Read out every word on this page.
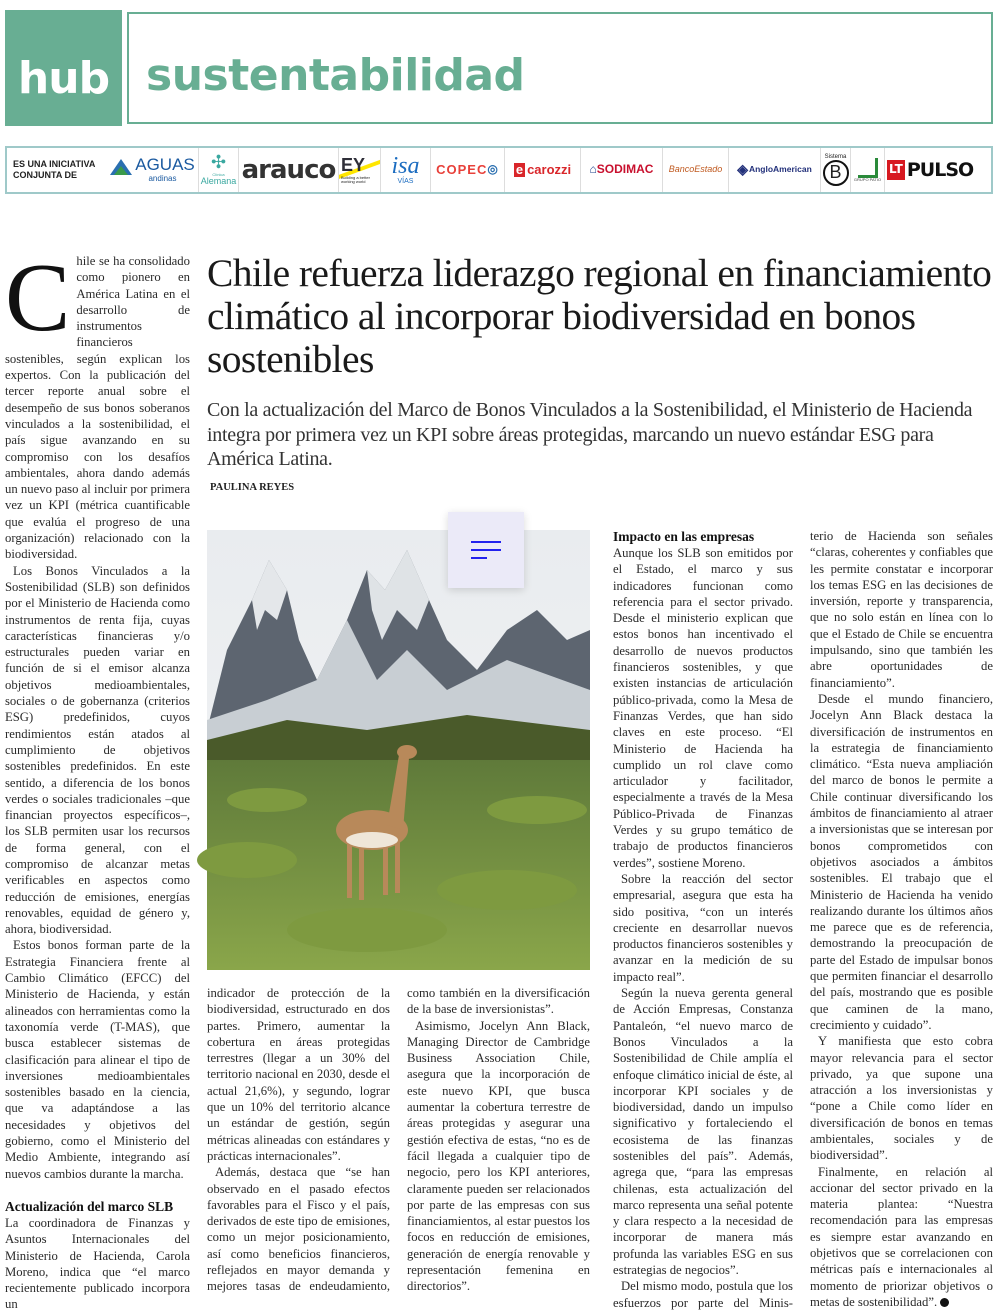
hub sustentabilidad
ES UNA INICIATIVA CONJUNTA DE
AGUAS
andinas
✣
Clínica
Alemana arauco EY
Building a better working world
isa
VÍAS
COPEC ◎ e carozzi ⌂ SODIMAC BancoEstado ◈ AngloAmerican
Sistema
B	GRUPO PATIO
LT PULSO
Chile refuerza liderazgo regional en financiamiento climático al incorporar biodiversidad en bonos sostenibles
Con la actualización del Marco de Bonos Vinculados a la Sostenibilidad, el Ministerio de Hacienda integra por primera vez un KPI sobre áreas protegidas, marcando un nuevo estándar ESG para América Latina.
PAULINA REYES

Chile se ha consolidado como pionero en América Latina en el desarrollo de instrumentos financieros sostenibles, según explican los expertos. Con la publicación del tercer reporte anual sobre el desempeño de sus bonos soberanos vinculados a la sostenibilidad, el país sigue avanzando en su compromiso con los desafíos ambientales, ahora dando además un nuevo paso al incluir por primera vez un KPI (métrica cuantificable que evalúa el progreso de una organización) relacionado con la biodiversidad.

Los Bonos Vinculados a la Sostenibilidad (SLB) son definidos por el Ministerio de Hacienda como instrumentos de renta fija, cuyas características financieras y/o estructurales pueden variar en función de si el emisor alcanza objetivos medioambientales, sociales o de gobernanza (criterios ESG) predefinidos, cuyos rendimientos están atados al cumplimiento de objetivos sostenibles predefinidos. En este sentido, a diferencia de los bonos verdes o sociales tradicionales –que financian proyectos específicos–, los SLB permiten usar los recursos de forma general, con el compromiso de alcanzar metas verificables en aspectos como reducción de emisiones, energías renovables, equidad de género y, ahora, biodiversidad.

Estos bonos forman parte de la Estrategia Financiera frente al Cambio Climático (EFCC) del Ministerio de Hacienda, y están alineados con herramientas como la taxonomía verde (T-MAS), que busca establecer sistemas de clasificación para alinear el tipo de inversiones medioambientales sostenibles basado en la ciencia, que va adaptándose a las necesidades y objetivos del gobierno, como el Ministerio del Medio Ambiente, integrando así nuevos cambios durante la marcha.

Actualización del marco SLB

La coordinadora de Finanzas y Asuntos Internacionales del Ministerio de Hacienda, Carola Moreno, indica que “el marco recientemente publicado incorpora un

indicador de protección de la biodiversidad, estructurado en dos partes. Primero, aumentar la cobertura en áreas protegidas terrestres (llegar a un 30% del territorio nacional en 2030, desde el actual 21,6%), y segundo, lograr que un 10% del territorio alcance un estándar de gestión, según métricas alineadas con estándares y prácticas internacionales”.

Además, destaca que “se han observado en el pasado efectos favorables para el Fisco y el país, derivados de este tipo de emisiones, como un mejor posicionamiento, así como beneficios financieros, reflejados en mayor demanda y mejores tasas de endeudamiento,

como también en la diversificación de la base de inversionistas”.

Asimismo, Jocelyn Ann Black, Managing Director de Cambridge Business Association Chile, asegura que la incorporación de este nuevo KPI, que busca aumentar la cobertura terrestre de áreas protegidas y asegurar una gestión efectiva de estas, “no es de fácil llegada a cualquier tipo de negocio, pero los KPI anteriores, claramente pueden ser relacionados por parte de las empresas con sus financiamientos, al estar puestos los focos en reducción de emisiones, generación de energía renovable y representación femenina en directorios”.

Impacto en las empresas

Aunque los SLB son emitidos por el Estado, el marco y sus indicadores funcionan como referencia para el sector privado. Desde el ministerio explican que estos bonos han incentivado el desarrollo de nuevos productos financieros sostenibles, y que existen instancias de articulación público-privada, como la Mesa de Finanzas Verdes, que han sido claves en este proceso. “El Ministerio de Hacienda ha cumplido un rol clave como articulador y facilitador, especialmente a través de la Mesa Público-Privada de Finanzas Verdes y su grupo temático de trabajo de productos financieros verdes”, sostiene Moreno.

Sobre la reacción del sector empresarial, asegura que esta ha sido positiva, “con un interés creciente en desarrollar nuevos productos financieros sostenibles y avanzar en la medición de su impacto real”.

Según la nueva gerenta general de Acción Empresas, Constanza Pantaleón, “el nuevo marco de Bonos Vinculados a la Sostenibilidad de Chile amplía el enfoque climático inicial de éste, al incorporar KPI sociales y de biodiversidad, dando un impulso significativo y fortaleciendo el ecosistema de las finanzas sostenibles del país”. Además, agrega que, “para las empresas chilenas, esta actualización del marco representa una señal potente y clara respecto a la necesidad de incorporar de manera más profunda las variables ESG en sus estrategias de negocios”.

Del mismo modo, postula que los esfuerzos por parte del Minis-

terio de Hacienda son señales “claras, coherentes y confiables que les permite constatar e incorporar los temas ESG en las decisiones de inversión, reporte y transparencia, que no solo están en línea con lo que el Estado de Chile se encuentra impulsando, sino que también les abre oportunidades de financiamiento”.

Desde el mundo financiero, Jocelyn Ann Black destaca la diversificación de instrumentos en la estrategia de financiamiento climático. “Esta nueva ampliación del marco de bonos le permite a Chile continuar diversificando los ámbitos de financiamiento al atraer a inversionistas que se interesan por bonos comprometidos con objetivos asociados a ámbitos sostenibles. El trabajo que el Ministerio de Hacienda ha venido realizando durante los últimos años me parece que es de referencia, demostrando la preocupación de parte del Estado de impulsar bonos que permiten financiar el desarrollo del país, mostrando que es posible que caminen de la mano, crecimiento y cuidado”.

Y manifiesta que esto cobra mayor relevancia para el sector privado, ya que supone una atracción a los inversionistas y “pone a Chile como líder en diversificación de bonos en temas ambientales, sociales y de biodiversidad”.

Finalmente, en relación al accionar del sector privado en la materia plantea: “Nuestra recomendación para las empresas es siempre estar avanzando en objetivos que se correlacionen con métricas país e internacionales al momento de priorizar objetivos o metas de sostenibilidad”.
